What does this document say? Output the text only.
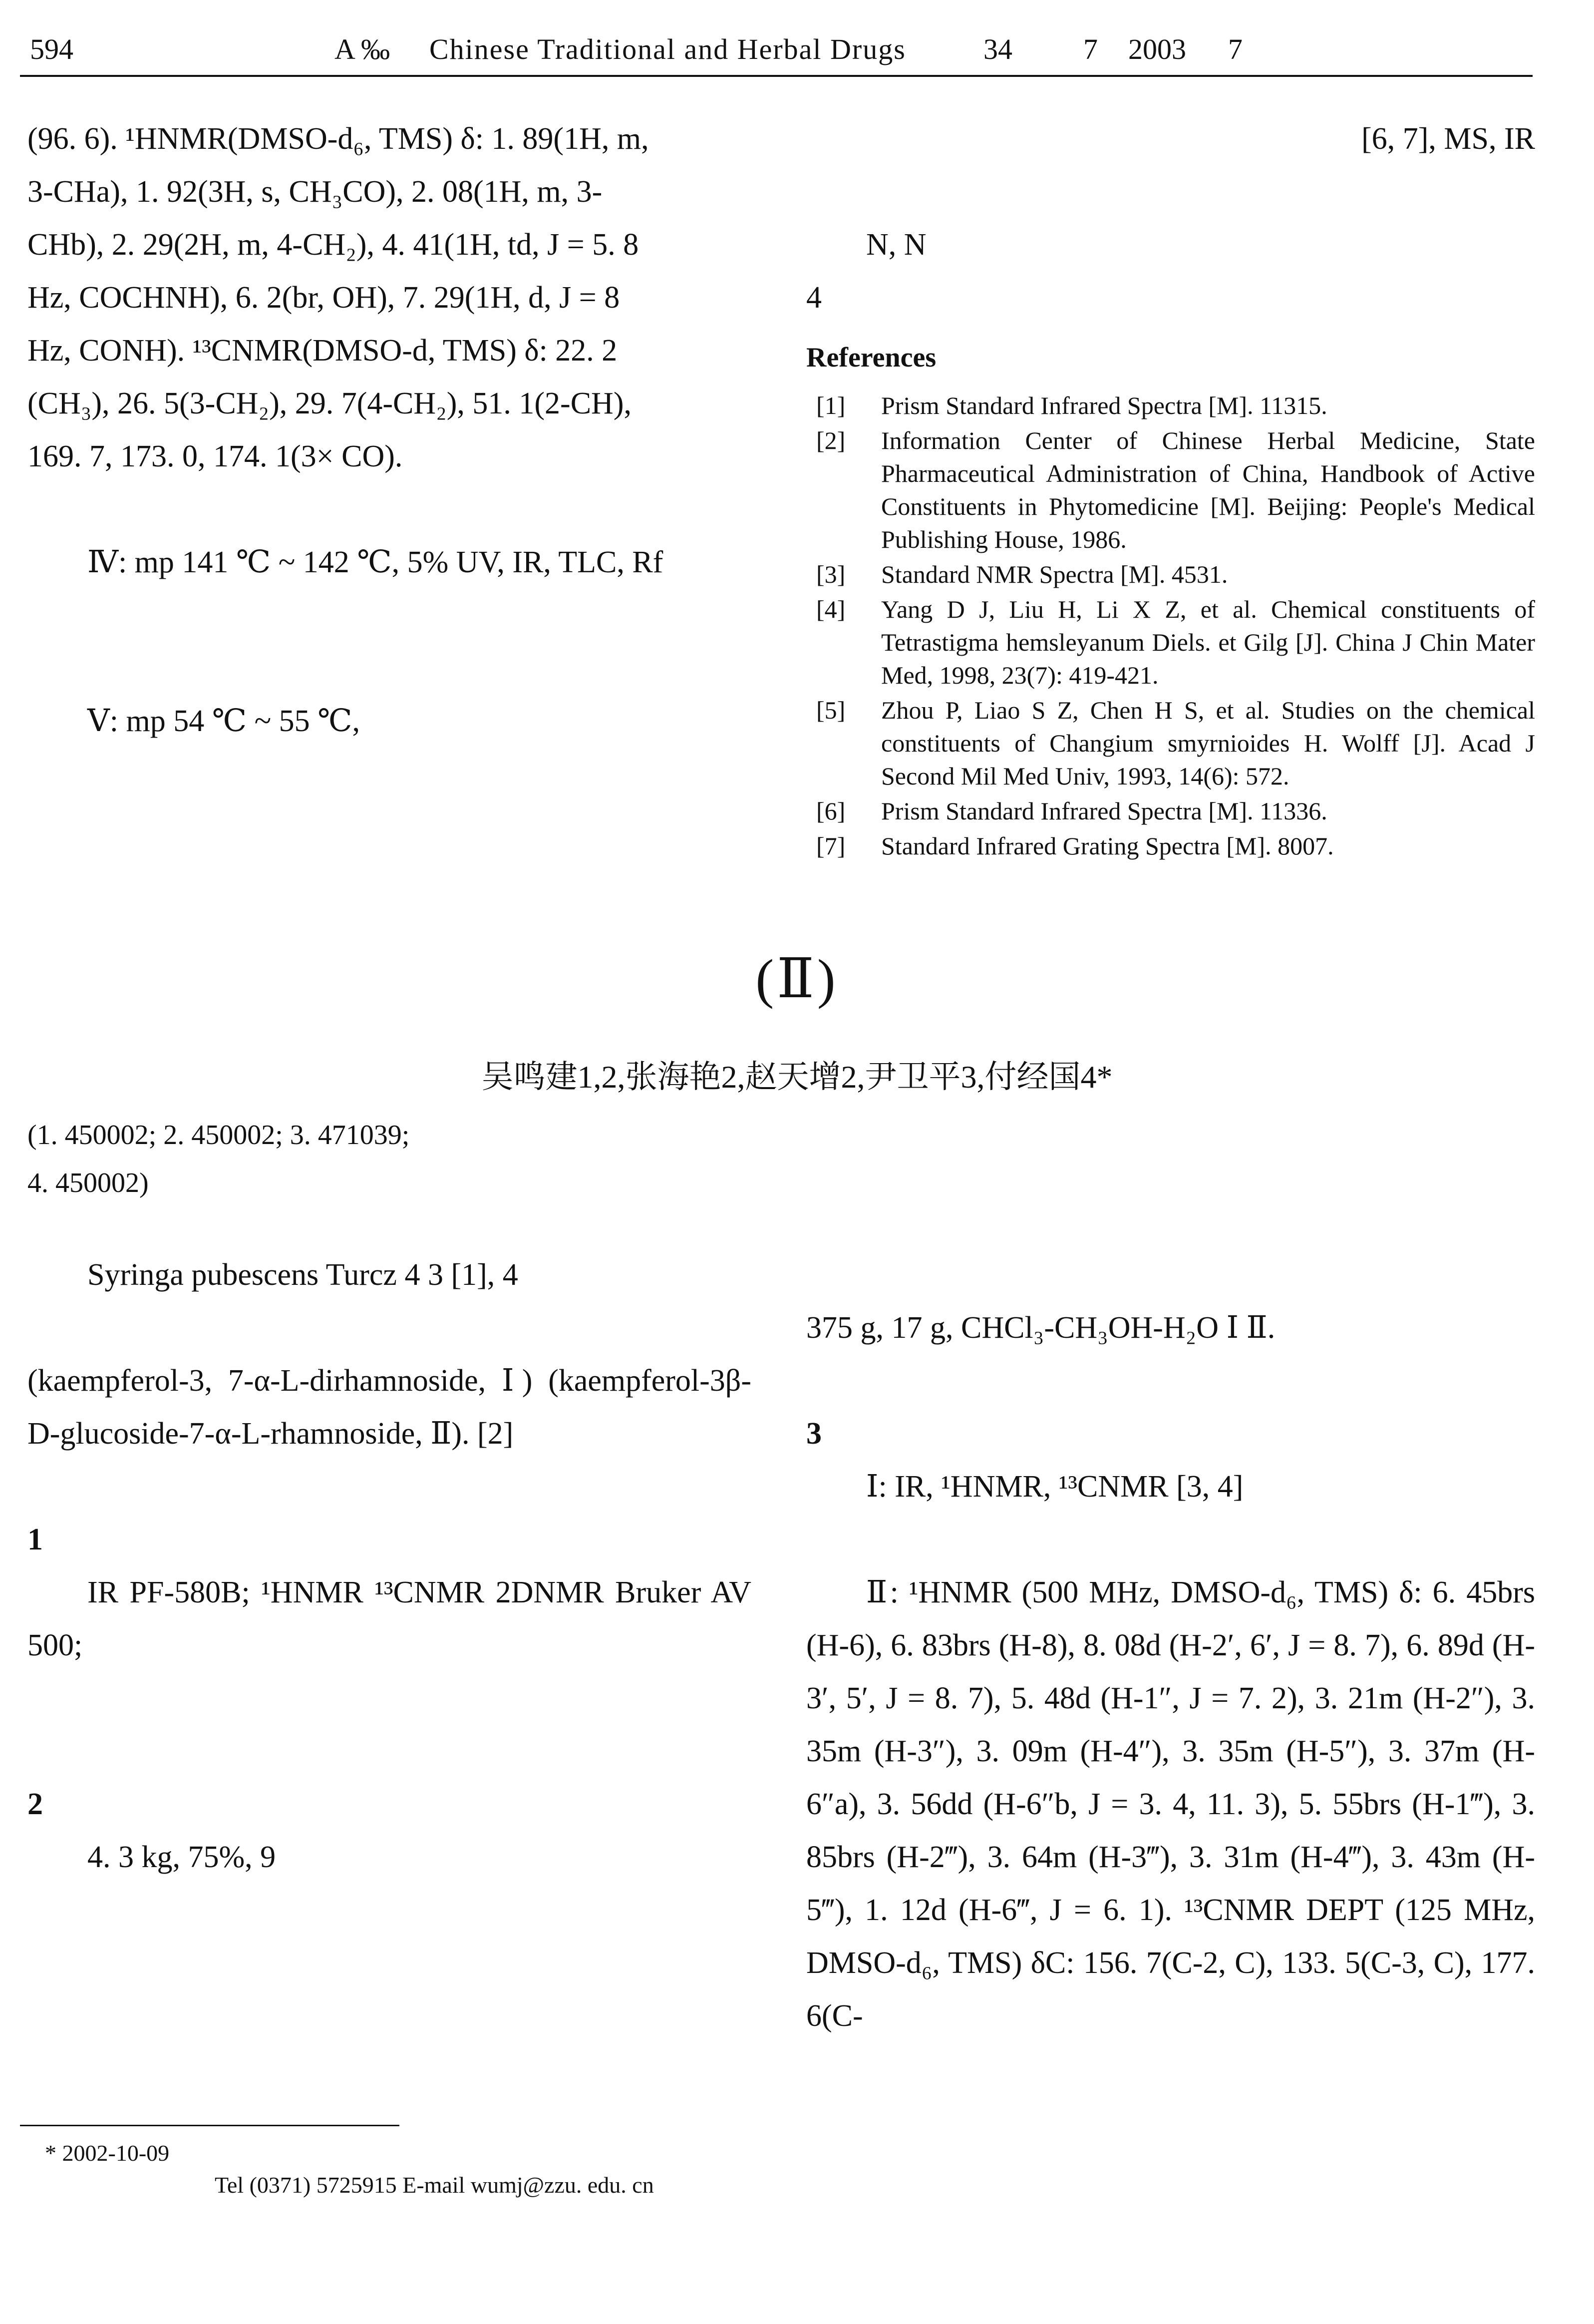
594	A ‰ Chinese Traditional and Herbal Drugs	34 7 2003 7

(96. 6). ¹HNMR(DMSO-d₆, TMS) δ: 1. 89(1H, m,

3-CHa), 1. 92(3H, s, CH₃CO), 2. 08(1H, m, 3-

CHb), 2. 29(2H, m, 4-CH₂), 4. 41(1H, td, J = 5. 8

Hz, COCHNH), 6. 2(br, OH), 7. 29(1H, d, J = 8

Hz, CONH). ¹³CNMR(DMSO-d, TMS) δ: 22. 2

(CH₃), 26. 5(3-CH₂), 29. 7(4-CH₂), 51. 1(2-CH),

169. 7, 173. 0, 174. 1(3× CO).

Ⅳ: mp 141 ℃ ~ 142 ℃, 5% UV, IR, TLC, Rf

Ⅴ: mp 54 ℃ ~ 55 ℃,

[6, 7], MS, IR

N, N

4

References
[1]	Prism Standard Infrared Spectra [M]. 11315.
[2]	Information Center of Chinese Herbal Medicine, State Pharmaceutical Administration of China, Handbook of Active Constituents in Phytomedicine [M]. Beijing: People's Medical Publishing House, 1986.
[3]	Standard NMR Spectra [M]. 4531.
[4]	Yang D J, Liu H, Li X Z, et al. Chemical constituents of Tetrastigma hemsleyanum Diels. et Gilg [J]. China J Chin Mater Med, 1998, 23(7): 419-421.
[5]	Zhou P, Liao S Z, Chen H S, et al. Studies on the chemical constituents of Changium smyrnioides H. Wolff [J]. Acad J Second Mil Med Univ, 1993, 14(6): 572.
[6]	Prism Standard Infrared Spectra [M]. 11336.
[7]	Standard Infrared Grating Spectra [M]. 8007.
(Ⅱ)
吴鸣建1,2,张海艳2,赵天增2,尹卫平3,付经国4*
(1. 450002; 2. 450002; 3. 471039;
4. 450002)

Syringa pubescens Turcz 4 3 [1], 4

(kaempferol-3, 7-α-L-dirhamnoside, Ⅰ) (kaempferol-3β-D-glucoside-7-α-L-rhamnoside, Ⅱ). [2]

1

IR PF-580B; ¹HNMR ¹³CNMR 2DNMR Bruker AV 500;

2

4. 3 kg, 75%, 9

375 g, 17 g, CHCl₃-CH₃OH-H₂O Ⅰ Ⅱ.

3

Ⅰ: IR, ¹HNMR, ¹³CNMR [3, 4]

Ⅱ: ¹HNMR (500 MHz, DMSO-d₆, TMS) δ: 6. 45brs (H-6), 6. 83brs (H-8), 8. 08d (H-2′, 6′, J = 8. 7), 6. 89d (H-3′, 5′, J = 8. 7), 5. 48d (H-1″, J = 7. 2), 3. 21m (H-2″), 3. 35m (H-3″), 3. 09m (H-4″), 3. 35m (H-5″), 3. 37m (H-6″a), 3. 56dd (H-6″b, J = 3. 4, 11. 3), 5. 55brs (H-1‴), 3. 85brs (H-2‴), 3. 64m (H-3‴), 3. 31m (H-4‴), 3. 43m (H-5‴), 1. 12d (H-6‴, J = 6. 1). ¹³CNMR DEPT (125 MHz, DMSO-d₆, TMS) δC: 156. 7(C-2, C), 133. 5(C-3, C), 177. 6(C-

* 2002-10-09
Tel (0371) 5725915 E-mail wumj@zzu. edu. cn
